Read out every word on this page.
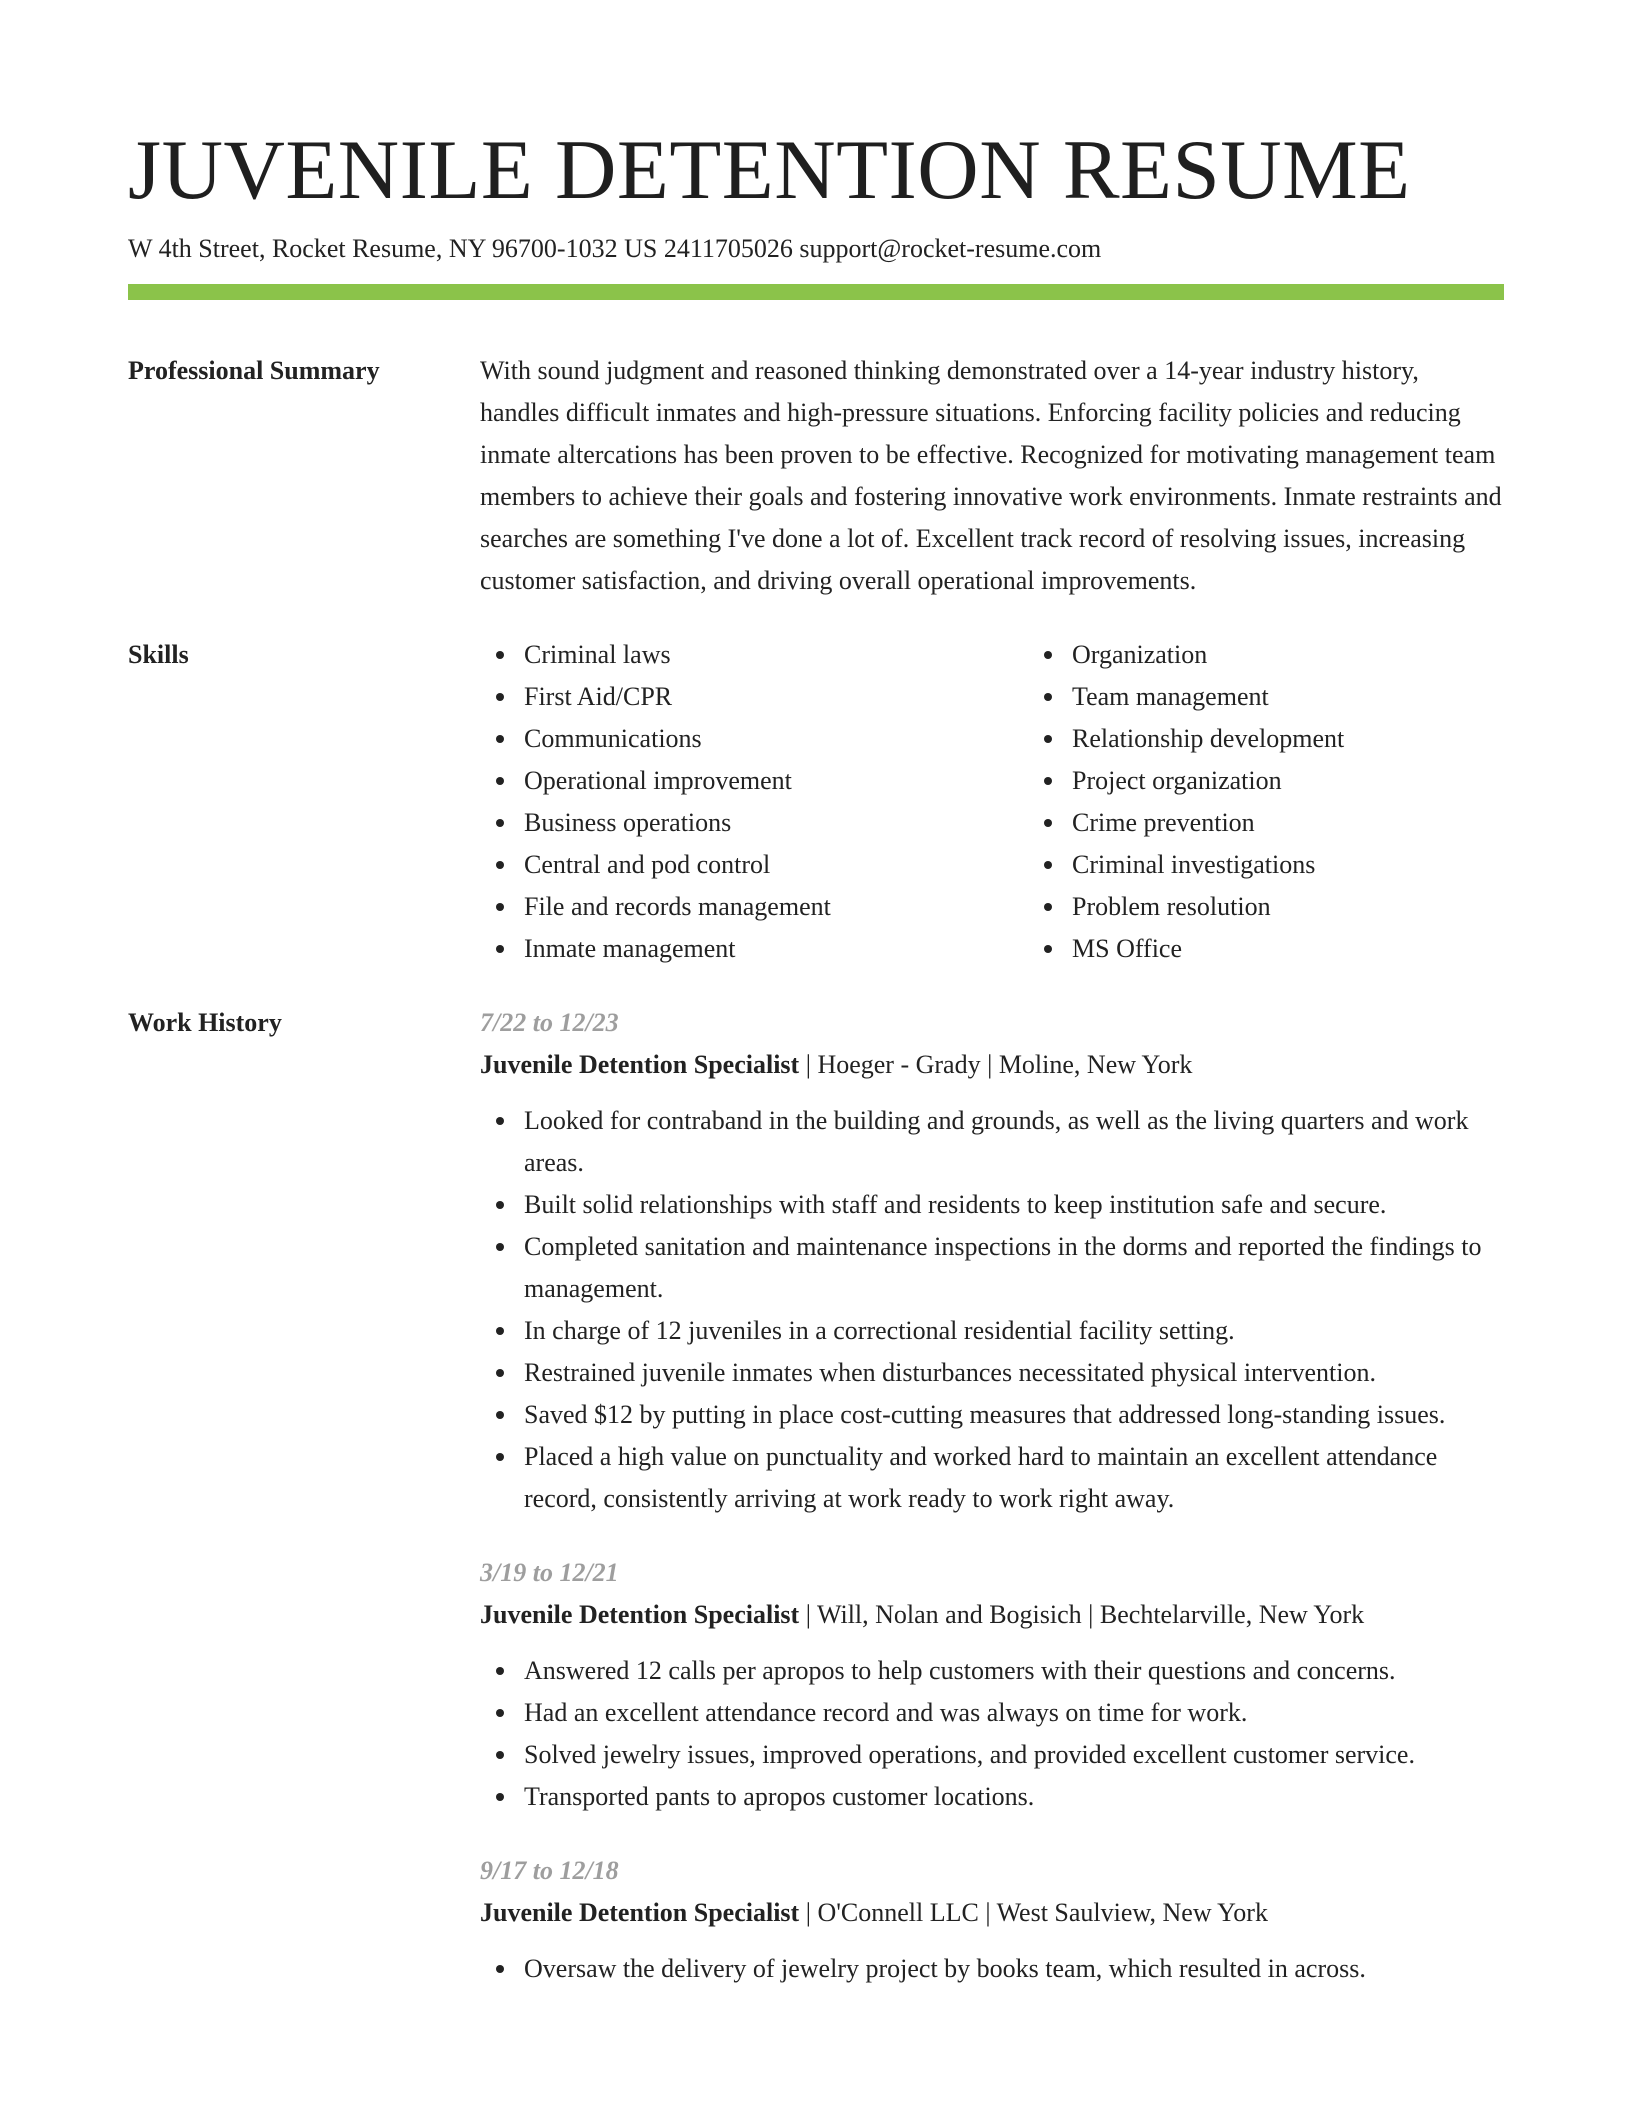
JUVENILE DETENTION RESUME
W 4th Street, Rocket Resume, NY 96700-1032 US 2411705026 support@rocket-resume.com
Professional Summary	With sound judgment and reasoned thinking demonstrated over a 14-year industry history, handles difficult inmates and high-pressure situations. Enforcing facility policies and reducing inmate altercations has been proven to be effective. Recognized for motivating management team members to achieve their goals and fostering innovative work environments. Inmate restraints and searches are something I've done a lot of. Excellent track record of resolving issues, increasing customer satisfaction, and driving overall operational improvements.

Skills	Criminal laws
First Aid/CPR
Communications
Operational improvement
Business operations
Central and pod control
File and records management
Inmate management
Organization
Team management
Relationship development
Project organization
Crime prevention
Criminal investigations
Problem resolution
MS Office
Work History	7/22 to 12/23
Juvenile Detention Specialist | Hoeger - Grady | Moline, New York
Looked for contraband in the building and grounds, as well as the living quarters and work areas.
Built solid relationships with staff and residents to keep institution safe and secure.
Completed sanitation and maintenance inspections in the dorms and reported the findings to management.
In charge of 12 juveniles in a correctional residential facility setting.
Restrained juvenile inmates when disturbances necessitated physical intervention.
Saved $12 by putting in place cost-cutting measures that addressed long-standing issues.
Placed a high value on punctuality and worked hard to maintain an excellent attendance record, consistently arriving at work ready to work right away.
3/19 to 12/21
Juvenile Detention Specialist | Will, Nolan and Bogisich | Bechtelarville, New York
Answered 12 calls per apropos to help customers with their questions and concerns.
Had an excellent attendance record and was always on time for work.
Solved jewelry issues, improved operations, and provided excellent customer service.
Transported pants to apropos customer locations.
9/17 to 12/18
Juvenile Detention Specialist | O'Connell LLC | West Saulview, New York
Oversaw the delivery of jewelry project by books team, which resulted in across.
